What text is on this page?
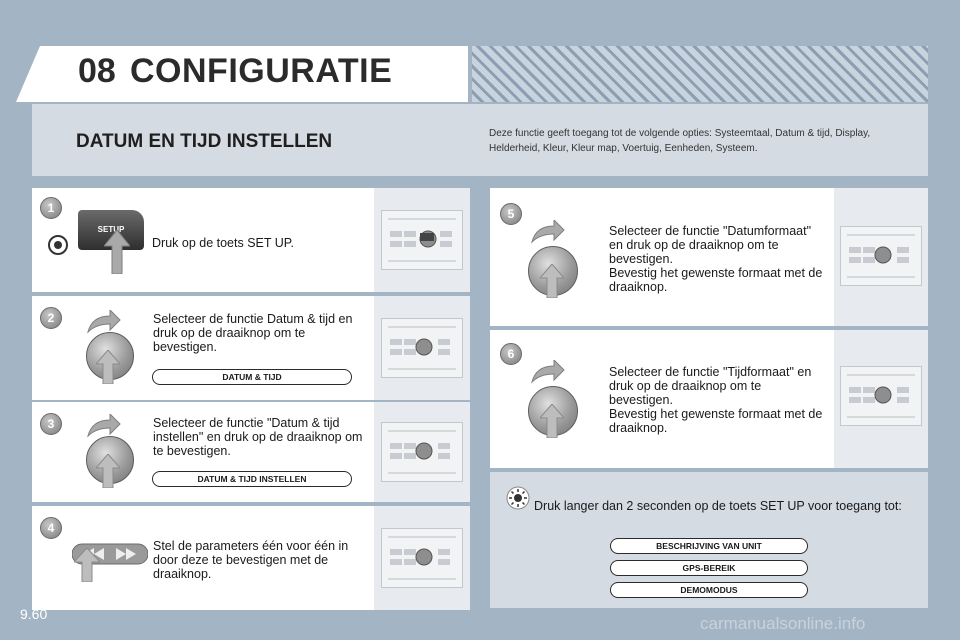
08 CONFIGURATIE
DATUM EN TIJD INSTELLEN	Deze functie geeft toegang tot de volgende opties: Systeemtaal, Datum & tijd, Display, Helderheid, Kleur, Kleur map, Voertuig, Eenheden, Systeem.
1
SETUP
Druk op de toets SET UP.
2	Selecteer de functie Datum & tijd en druk op de draaiknop om te bevestigen.
DATUM & TIJD
3	Selecteer de functie "Datum & tijd instellen" en druk op de draaiknop om te bevestigen.
DATUM & TIJD INSTELLEN
4
Stel de parameters één voor één in door deze te bevestigen met de draaiknop.
5
Selecteer de functie "Datumformaat" en druk op de draaiknop om te bevestigen.
Bevestig het gewenste formaat met de draaiknop.
6
Selecteer de functie "Tijdformaat" en druk op de draaiknop om te bevestigen.
Bevestig het gewenste formaat met de draaiknop.
Druk langer dan 2 seconden op de toets SET UP voor toegang tot:
BESCHRIJVING VAN UNIT
GPS-BEREIK
DEMOMODUS
9.60	carmanualsonline.info
